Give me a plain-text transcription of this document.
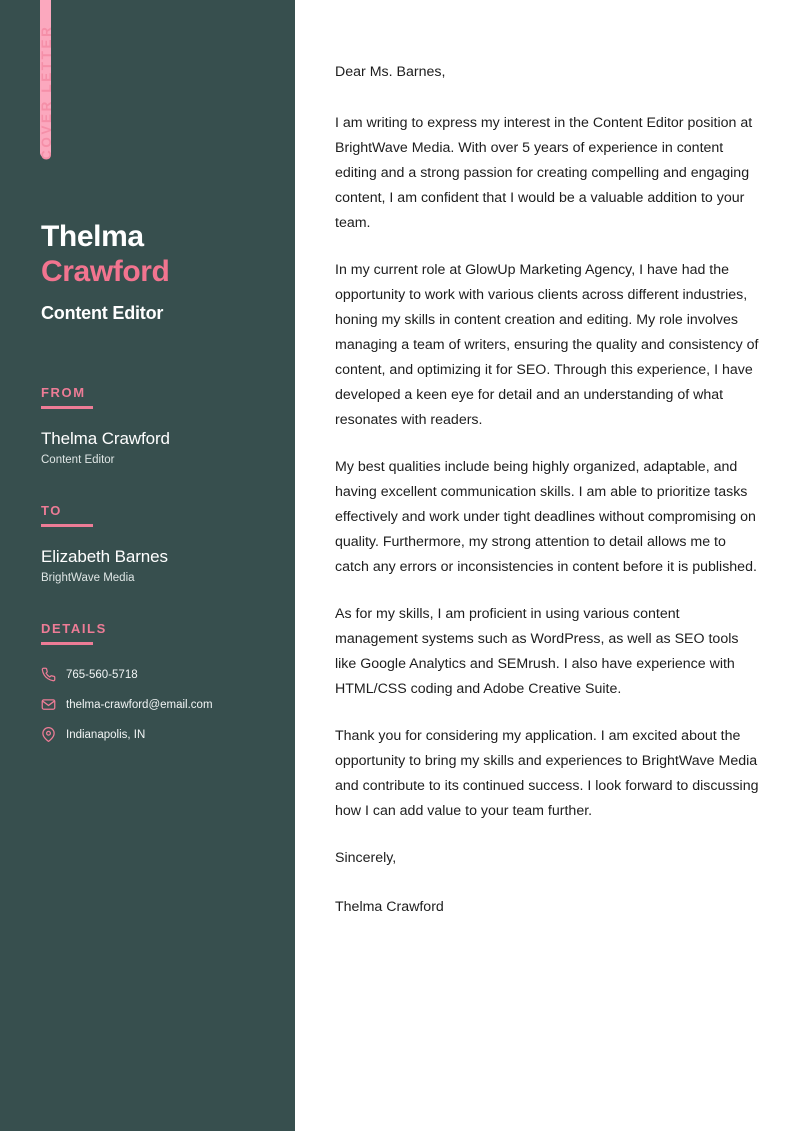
COVER LETTER
Thelma
Crawford
Content Editor
FROM
Thelma Crawford
Content Editor
TO
Elizabeth Barnes
BrightWave Media
DETAILS
765-560-5718
thelma-crawford@email.com
Indianapolis, IN

Dear Ms. Barnes,

I am writing to express my interest in the Content Editor position at BrightWave Media. With over 5 years of experience in content editing and a strong passion for creating compelling and engaging content, I am confident that I would be a valuable addition to your team.

In my current role at GlowUp Marketing Agency, I have had the opportunity to work with various clients across different industries, honing my skills in content creation and editing. My role involves managing a team of writers, ensuring the quality and consistency of content, and optimizing it for SEO. Through this experience, I have developed a keen eye for detail and an understanding of what resonates with readers.

My best qualities include being highly organized, adaptable, and having excellent communication skills. I am able to prioritize tasks effectively and work under tight deadlines without compromising on quality. Furthermore, my strong attention to detail allows me to catch any errors or inconsistencies in content before it is published.

As for my skills, I am proficient in using various content management systems such as WordPress, as well as SEO tools like Google Analytics and SEMrush. I also have experience with HTML/CSS coding and Adobe Creative Suite.

Thank you for considering my application. I am excited about the opportunity to bring my skills and experiences to BrightWave Media and contribute to its continued success. I look forward to discussing how I can add value to your team further.

Sincerely,

Thelma Crawford
